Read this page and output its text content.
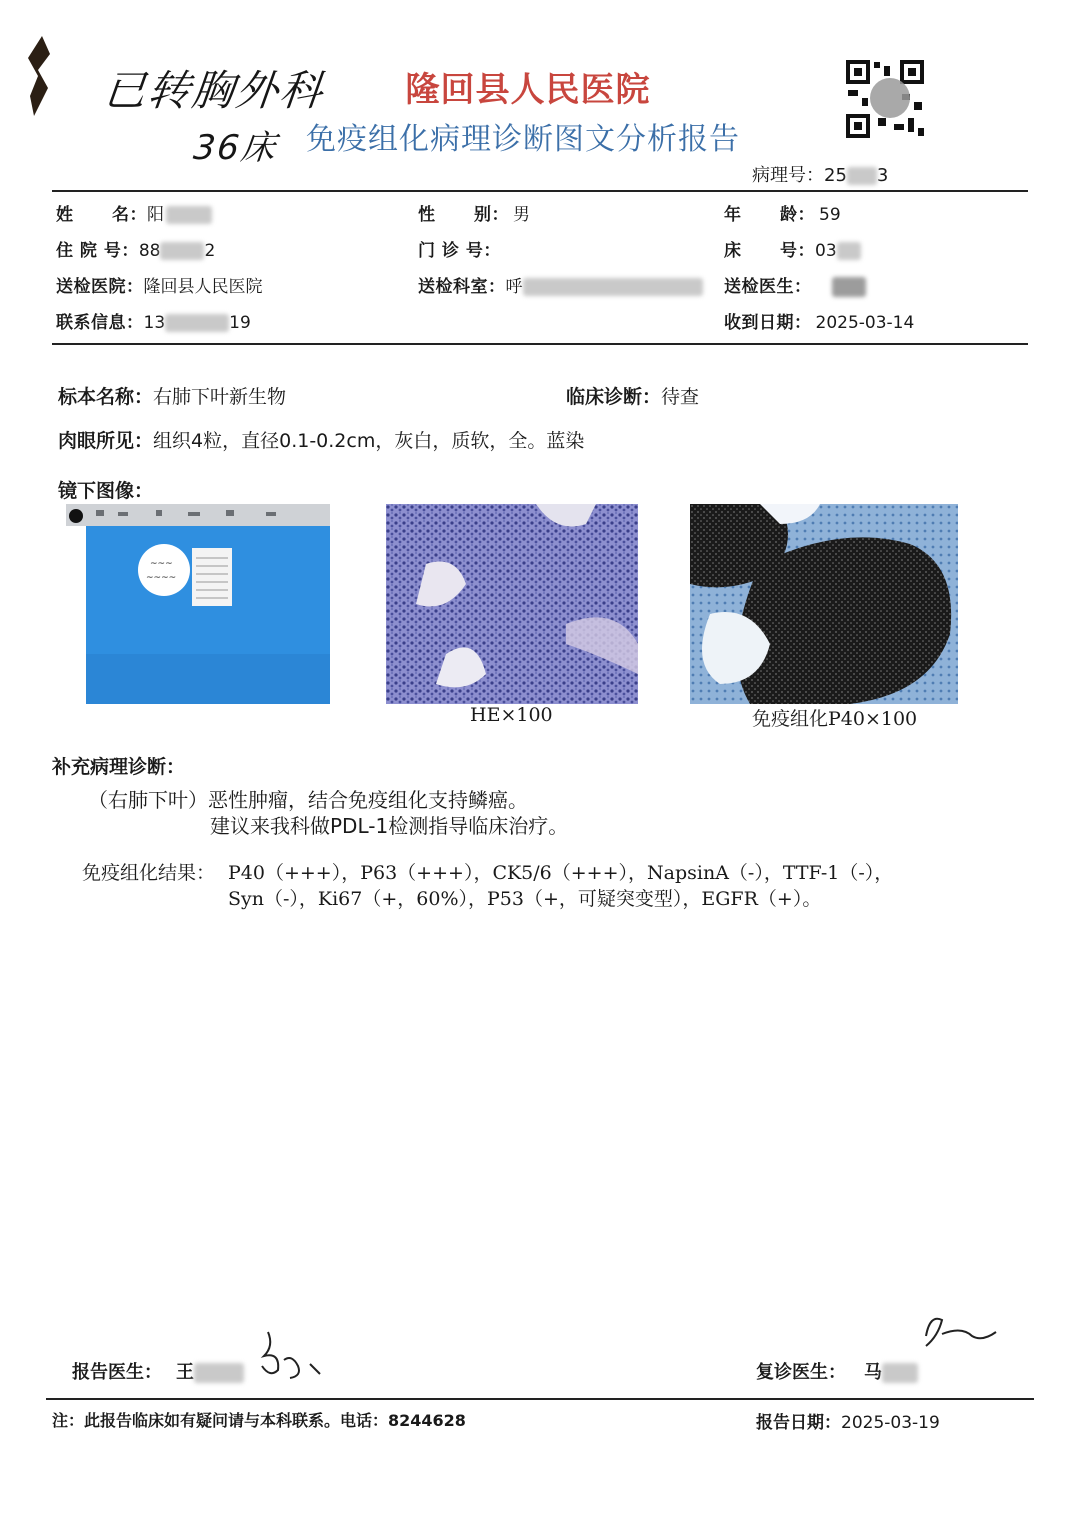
已转胸外科
36床
隆回县人民医院
免疫组化病理诊断图文分析报告
病理号：25 3
姓      名：阳	性      别： 男	年      龄： 59
住 院 号：88	2	门 诊 号：	床      号：03
送检医院：隆回县人民医院	送检科室：呼	送检医生：
联系信息：13	19	收到日期： 2025-03-14
标本名称：右肺下叶新生物	临床诊断：待查
肉眼所见：组织4粒，直径0.1-0.2cm，灰白，质软，全。蓝染
镜下图像：
~~~
~~~~
HE×100	免疫组化P40×100
补充病理诊断：
（右肺下叶）恶性肿瘤，结合免疫组化支持鳞癌。
建议来我科做PDL-1检测指导临床治疗。
免疫组化结果： P40（+++），P63（+++），CK5/6（+++），NapsinA（-），TTF-1（-），
Syn（-），Ki67（+，60%），P53（+，可疑突变型），EGFR（+）。
报告医生： 王	复诊医生： 马
注：此报告临床如有疑问请与本科联系。电话：8244628	报告日期：2025-03-19
